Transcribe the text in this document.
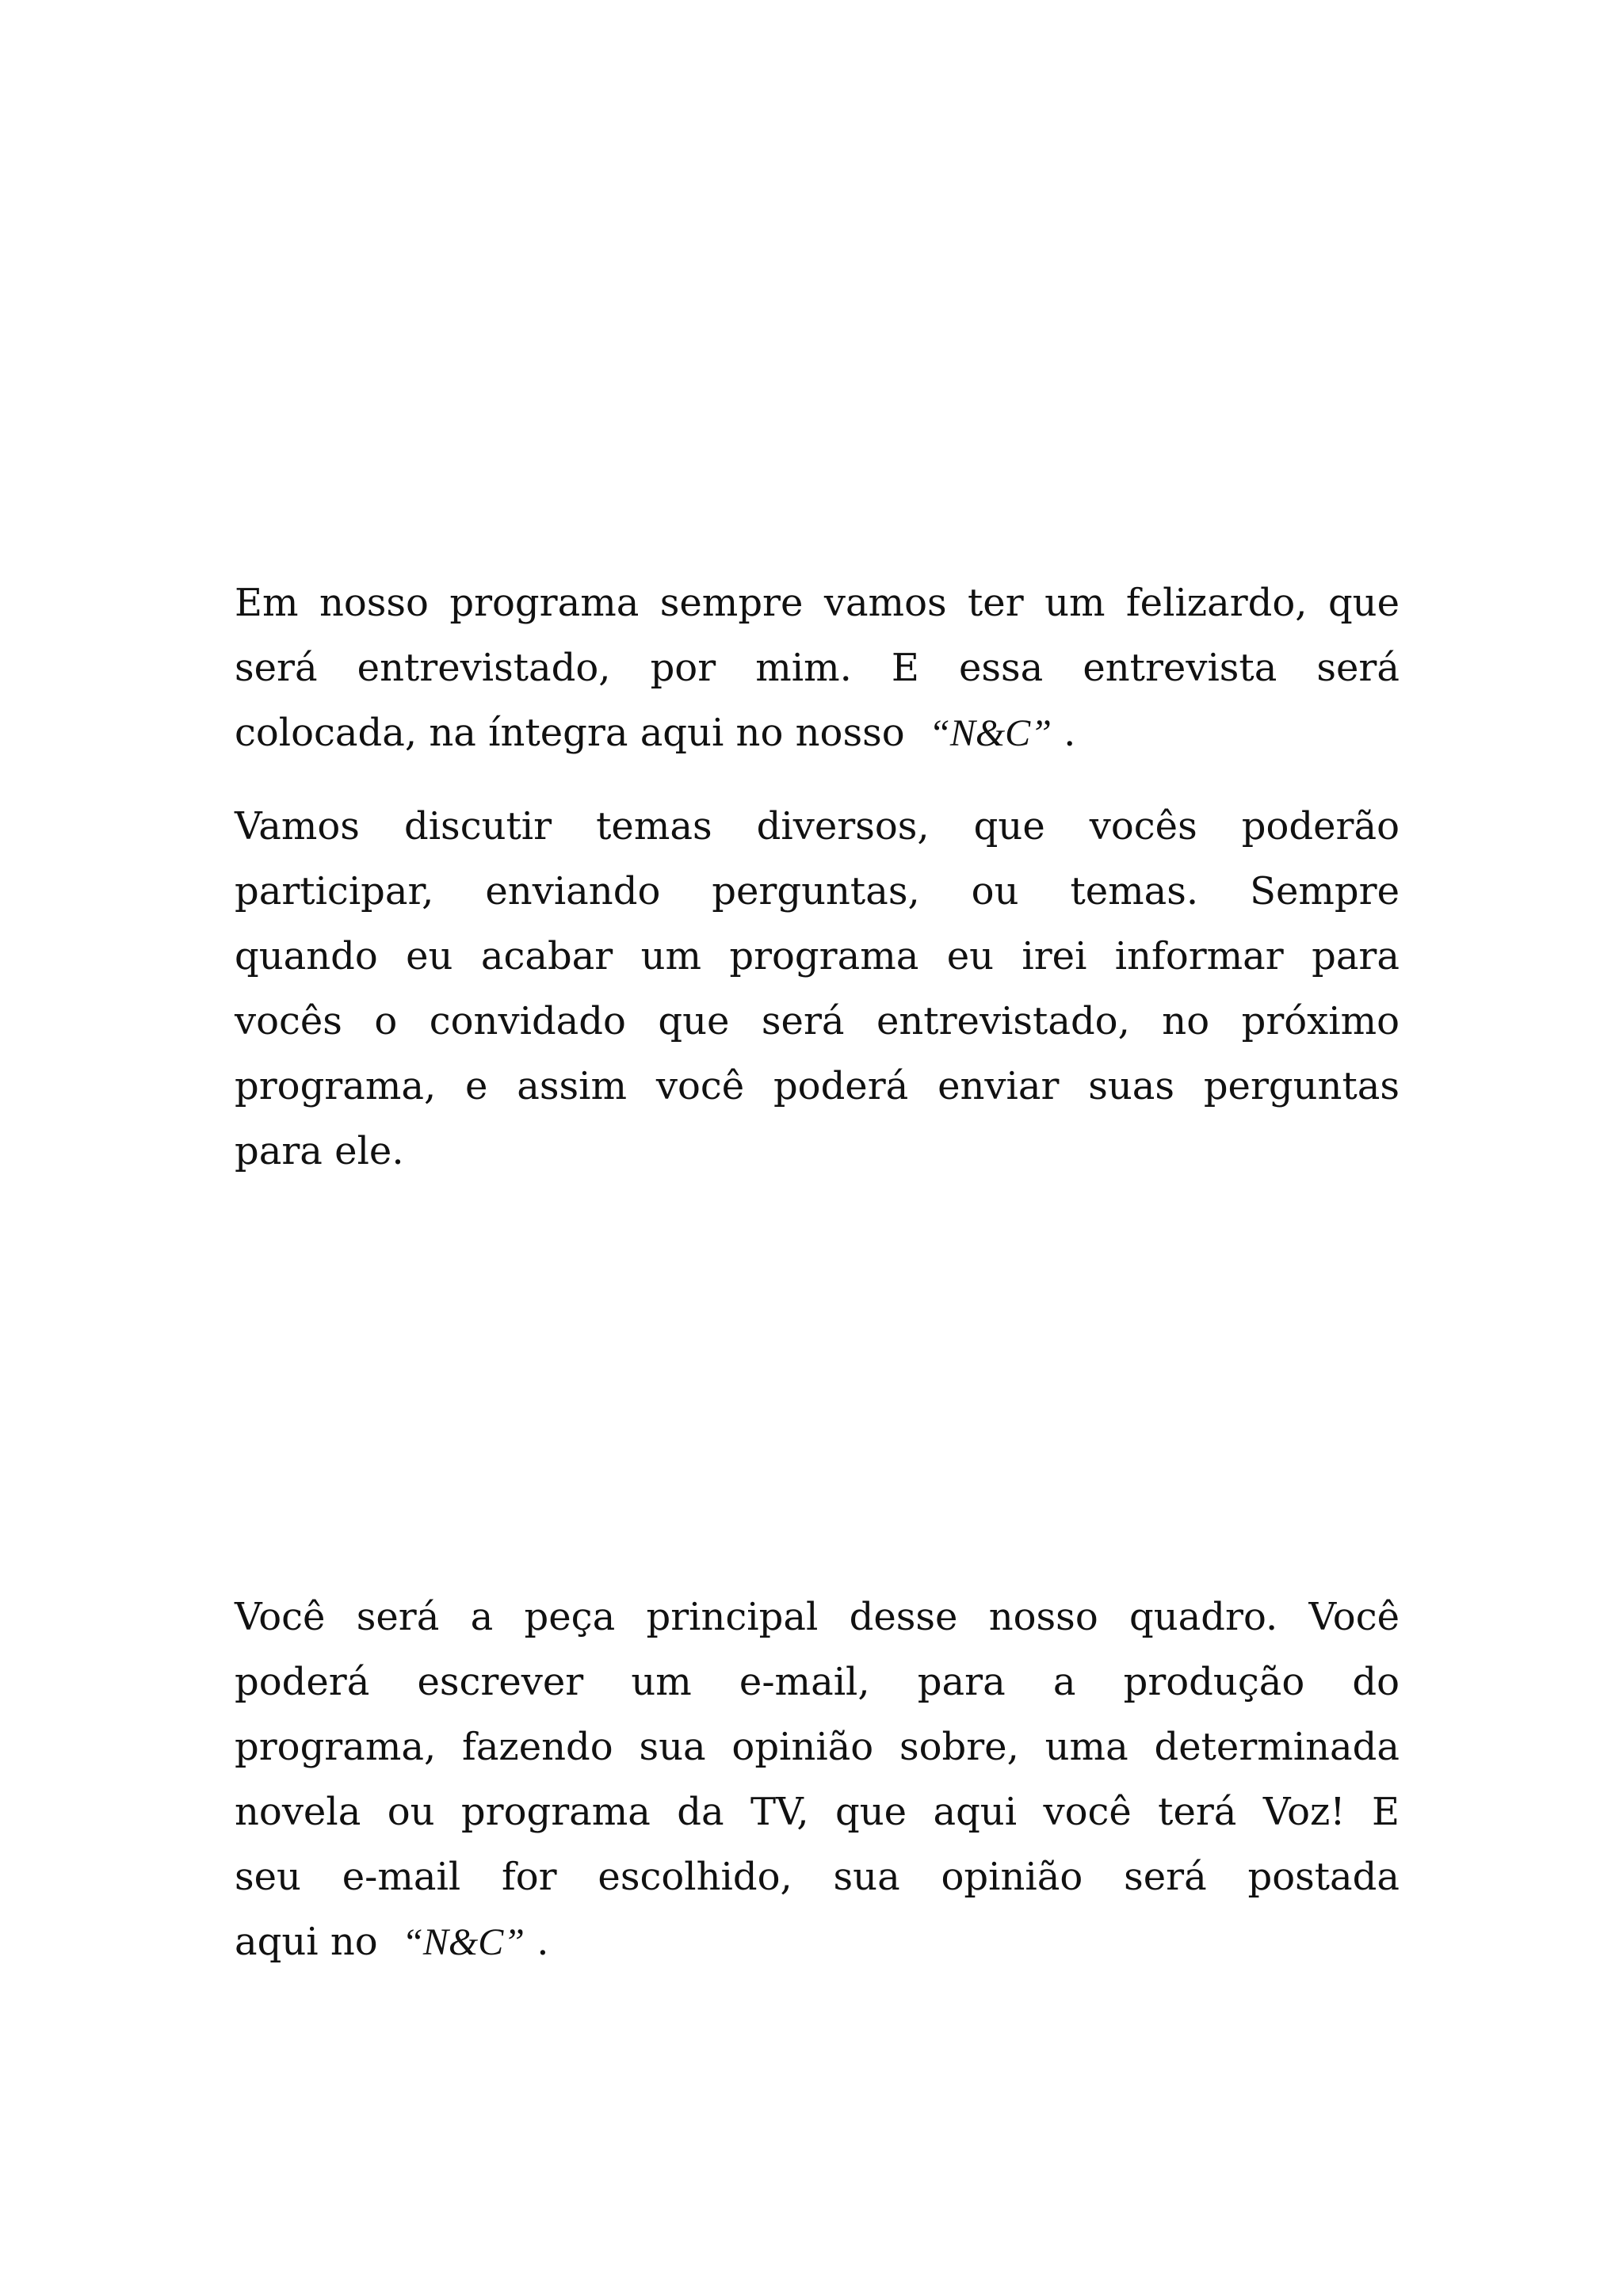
Em nosso programa sempre vamos ter um felizardo, que
será entrevistado, por mim. E essa entrevista será
colocada, na íntegra aqui no nosso “N&C” .
Vamos discutir temas diversos, que vocês poderão
participar, enviando perguntas, ou temas. Sempre
quando eu acabar um programa eu irei informar para
vocês o convidado que será entrevistado, no próximo
programa, e assim você poderá enviar suas perguntas
para ele.
Você será a peça principal desse nosso quadro. Você
poderá escrever um e-mail, para a produção do
programa, fazendo sua opinião sobre, uma determinada
novela ou programa da TV, que aqui você terá Voz! E
seu e-mail for escolhido, sua opinião será postada
aqui no “N&C” .
